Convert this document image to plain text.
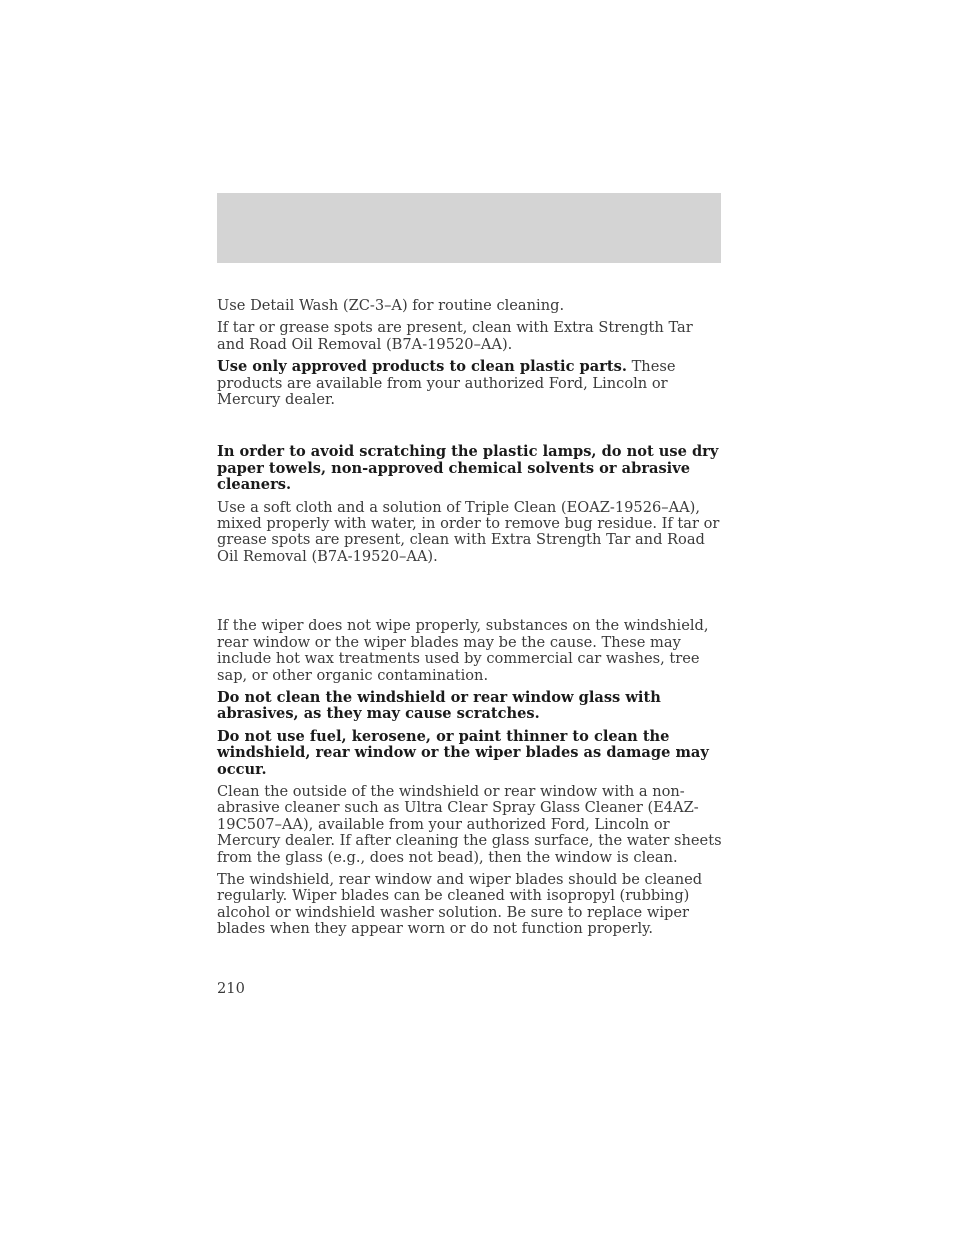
Use Detail Wash (ZC-3–A) for routine cleaning.

If tar or grease spots are present, clean with Extra Strength Tar and Road Oil Removal (B7A-19520–AA).

Use only approved products to clean plastic parts. These products are available from your authorized Ford, Lincoln or Mercury dealer.

In order to avoid scratching the plastic lamps, do not use dry paper towels, non-approved chemical solvents or abrasive cleaners.

Use a soft cloth and a solution of Triple Clean (EOAZ-19526–AA), mixed properly with water, in order to remove bug residue. If tar or grease spots are present, clean with Extra Strength Tar and Road Oil Removal (B7A-19520–AA).

If the wiper does not wipe properly, substances on the windshield, rear window or the wiper blades may be the cause. These may include hot wax treatments used by commercial car washes, tree sap, or other organic contamination.

Do not clean the windshield or rear window glass with abrasives, as they may cause scratches.

Do not use fuel, kerosene, or paint thinner to clean the windshield, rear window or the wiper blades as damage may occur.

Clean the outside of the windshield or rear window with a non-abrasive cleaner such as Ultra Clear Spray Glass Cleaner (E4AZ-19C507–AA), available from your authorized Ford, Lincoln or Mercury dealer. If after cleaning the glass surface, the water sheets from the glass (e.g., does not bead), then the window is clean.

The windshield, rear window and wiper blades should be cleaned regularly. Wiper blades can be cleaned with isopropyl (rubbing) alcohol or windshield washer solution. Be sure to replace wiper blades when they appear worn or do not function properly.

210
